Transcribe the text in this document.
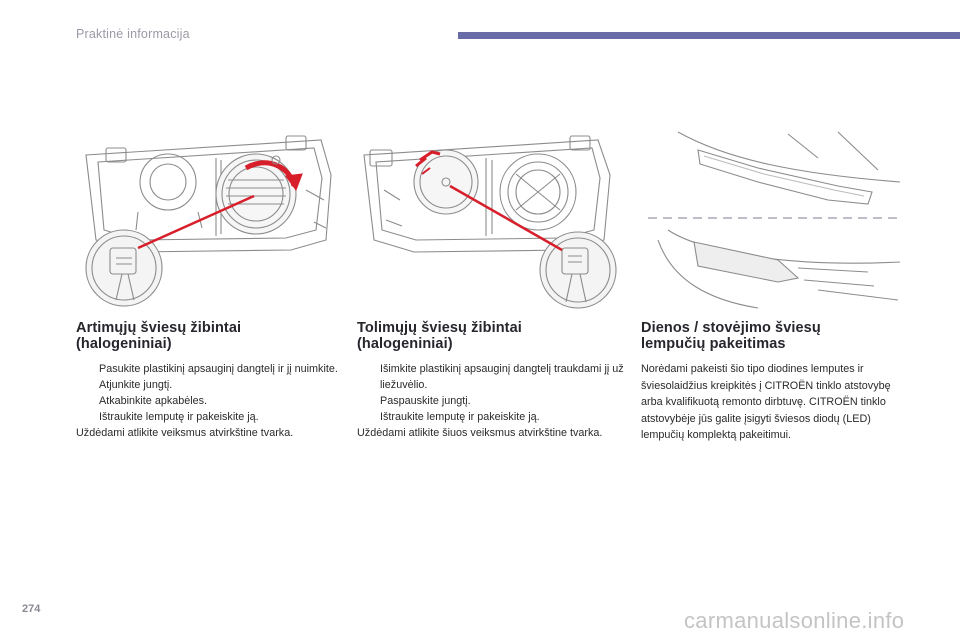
Praktinė informacija
Artimųjų šviesų žibintai
(halogeniniai)
Pasukite plastikinį apsauginį dangtelį ir jį nuimkite.
Atjunkite jungtį.
Atkabinkite apkabėles.
Ištraukite lemputę ir pakeiskite ją.
Uždėdami atlikite veiksmus atvirkštine tvarka.
Tolimųjų šviesų žibintai
(halogeniniai)
Išimkite plastikinį apsauginį dangtelį traukdami jį už liežuvėlio.
Paspauskite jungtį.
Ištraukite lemputę ir pakeiskite ją.
Uždėdami atlikite šiuos veiksmus atvirkštine tvarka.
Dienos / stovėjimo šviesų
lempučių pakeitimas
Norėdami pakeisti šio tipo diodines lemputes ir šviesolaidžius kreipkitės į CITROËN tinklo atstovybę arba kvalifikuotą remonto dirbtuvę. CITROËN tinklo atstovybėje jūs galite įsigyti šviesos diodų (LED) lempučių komplektą pakeitimui.
274	carmanualsonline.info
